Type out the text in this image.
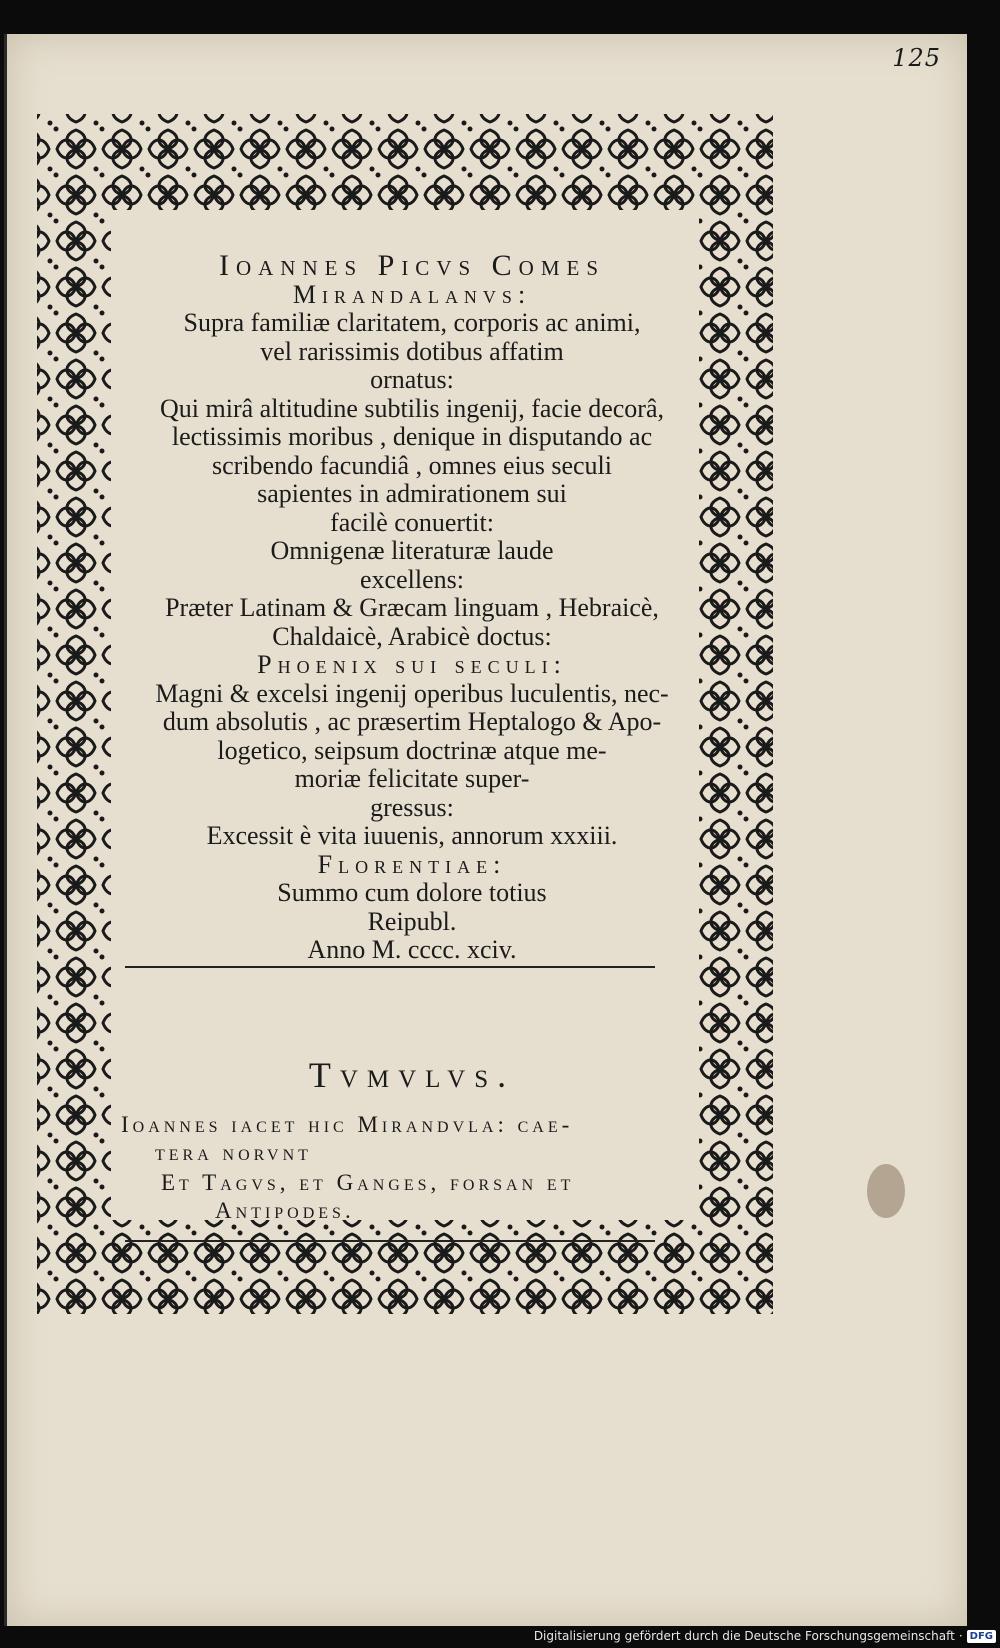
125
Ioannes Picvs Comes
Mirandalanvs:
Supra familiæ claritatem, corporis ac animi,
vel rarissimis dotibus affatim
ornatus:
Qui mirâ altitudine subtilis ingenij, facie decorâ,
lectissimis moribus , denique in disputando ac
scribendo facundiâ , omnes eius seculi
sapientes in admirationem sui
facilè conuertit:
Omnigenæ literaturæ laude
excellens:
Præter Latinam & Græcam linguam , Hebraicè,
Chaldaicè, Arabicè doctus:
Phoenix sui seculi:
Magni & excelsi ingenij operibus luculentis, nec-
dum absolutis , ac præsertim Heptalogo & Apo-
logetico, seipsum doctrinæ atque me-
moriæ felicitate super-
gressus:
Excessit è vita iuuenis, annorum xxxiii.
Florentiae:
Summo cum dolore totius
Reipubl.
Anno M. cccc. xciv.
Tvmvlvs.
Ioannes iacet hic Mirandvla: cae-
tera norvnt
Et Tagvs, et Ganges, forsan et
Antipodes.
Digitalisierung gefördert durch die Deutsche Forschungsgemeinschaft · DFG
